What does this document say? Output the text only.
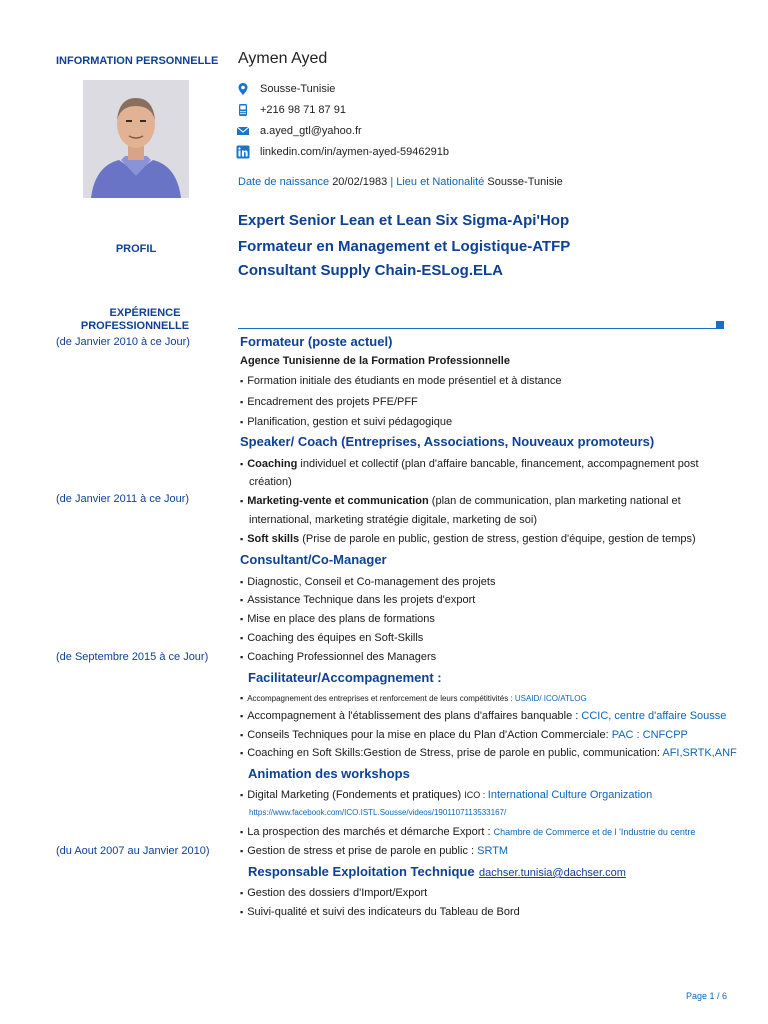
INFORMATION PERSONNELLE
PROFIL
EXPÉRIENCE
PROFESSIONNELLE
(de Janvier 2010 à ce Jour)
(de Janvier 2011 à ce Jour)
(de Septembre 2015 à ce Jour)
(du Aout 2007 au Janvier 2010)
Aymen Ayed
Sousse-Tunisie
+216 98 71 87 91
a.ayed_gtl@yahoo.fr
linkedin.com/in/aymen-ayed-5946291b
Date de naissance 20/02/1983 | Lieu et Nationalité Sousse-Tunisie
Expert Senior Lean et Lean Six Sigma-Api'Hop
Formateur en Management et Logistique-ATFP
Consultant Supply Chain-ESLog.ELA
Formateur (poste actuel)
Agence Tunisienne de la Formation Professionnelle
▪ Formation initiale des étudiants en mode présentiel et à distance
▪ Encadrement des projets PFE/PFF
▪ Planification, gestion et suivi pédagogique
Speaker/ Coach (Entreprises, Associations, Nouveaux promoteurs)
▪ Coaching individuel et collectif (plan d'affaire bancable, financement, accompagnement post
création)
▪ Marketing-vente et communication (plan de communication, plan marketing national et
international, marketing stratégie digitale, marketing de soi)
▪ Soft skills (Prise de parole en public, gestion de stress, gestion d'équipe, gestion de temps)
Consultant/Co-Manager
▪ Diagnostic, Conseil et Co-management des projets
▪ Assistance Technique dans les projets d'export
▪ Mise en place des plans de formations
▪ Coaching des équipes en Soft-Skills
▪ Coaching Professionnel des Managers
Facilitateur/Accompagnement :
▪ Accompagnement des entreprises et renforcement de leurs compétitivités : USAID/ ICO/ATLOG
▪ Accompagnement à l'établissement des plans d'affaires banquable : CCIC, centre d'affaire Sousse
▪ Conseils Techniques pour la mise en place du Plan d'Action Commerciale: PAC : CNFCPP
▪ Coaching en Soft Skills:Gestion de Stress, prise de parole en public, communication: AFI,SRTK,ANF
Animation des workshops
▪ Digital Marketing (Fondements et pratiques) ICO : International Culture Organization
https://www.facebook.com/ICO.ISTL.Sousse/videos/1901107113533167/
▪ La prospection des marchés et démarche Export : Chambre de Commerce et de l 'Industrie du centre
▪ Gestion de stress et prise de parole en public : SRTM
Responsable Exploitation Technique dachser.tunisia@dachser.com
▪ Gestion des dossiers d'Import/Export
▪ Suivi-qualité et suivi des indicateurs du Tableau de Bord
Page 1 / 6
